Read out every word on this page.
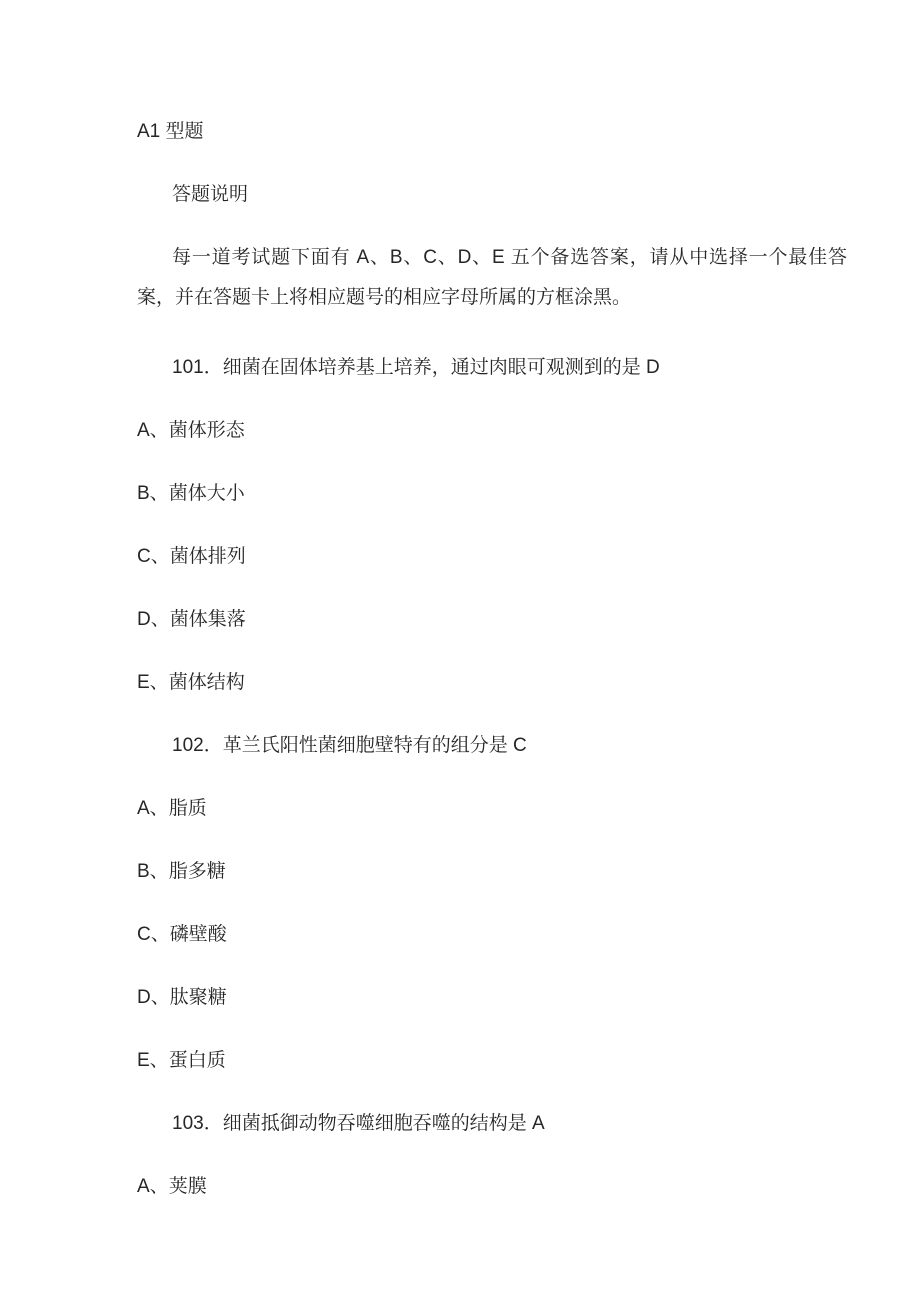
A1 型题

答题说明

每一道考试题下面有 A、B、C、D、E 五个备选答案，请从中选择一个最佳答案，并在答题卡上将相应题号的相应字母所属的方框涂黑。

101．细菌在固体培养基上培养，通过肉眼可观测到的是 D

A、菌体形态

B、菌体大小

C、菌体排列

D、菌体集落

E、菌体结构

102．革兰氏阳性菌细胞壁特有的组分是 C

A、脂质

B、脂多糖

C、磷壁酸

D、肽聚糖

E、蛋白质

103．细菌抵御动物吞噬细胞吞噬的结构是 A

A、荚膜
